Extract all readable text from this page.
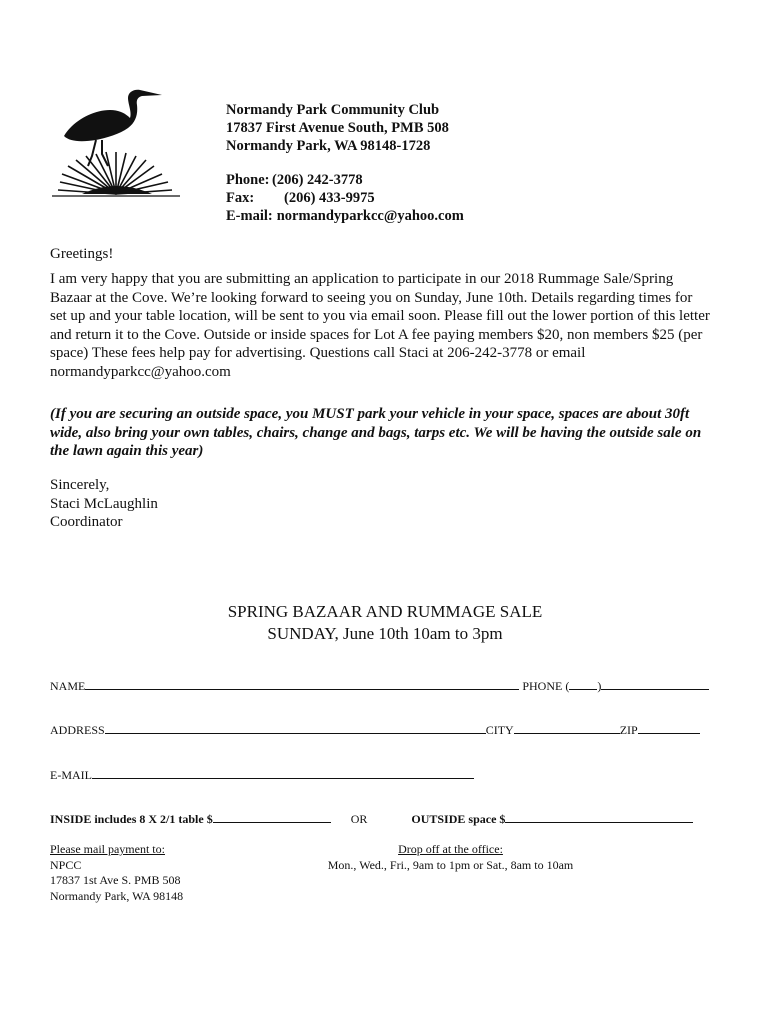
Normandy Park Community Club
17837 First Avenue South, PMB 508
Normandy Park, WA 98148-1728
Phone: (206) 242-3778
Fax:	(206) 433-9975
E-mail: normandyparkcc@yahoo.com
Greetings!
I am very happy that you are submitting an application to participate in our 2018 Rummage Sale/Spring
Bazaar at the Cove. We’re looking forward to seeing you on Sunday, June 10th. Details regarding times for
set up and your table location, will be sent to you via email soon. Please fill out the lower portion of this letter
and return it to the Cove. Outside or inside spaces for Lot A fee paying members $20, non members $25 (per
space) These fees help pay for advertising. Questions call Staci at 206-242-3778 or email
normandyparkcc@yahoo.com
(If you are securing an outside space, you MUST park your vehicle in your space, spaces are about 30ft
wide, also bring your own tables, chairs, change and bags, tarps etc. We will be having the outside sale on
the lawn again this year)
Sincerely,
Staci McLaughlin
Coordinator
SPRING BAZAAR AND RUMMAGE SALE
SUNDAY, June 10th 10am to 3pm
NAME	PHONE ( )
ADDRESS	CITY	ZIP
E-MAIL
INSIDE includes 8 X 2/1 table $	OR	OUTSIDE space $
Please mail payment to:
NPCC
17837 1st Ave S. PMB 508
Normandy Park, WA 98148
Drop off at the office:
Mon., Wed., Fri., 9am to 1pm or Sat., 8am to 10am
